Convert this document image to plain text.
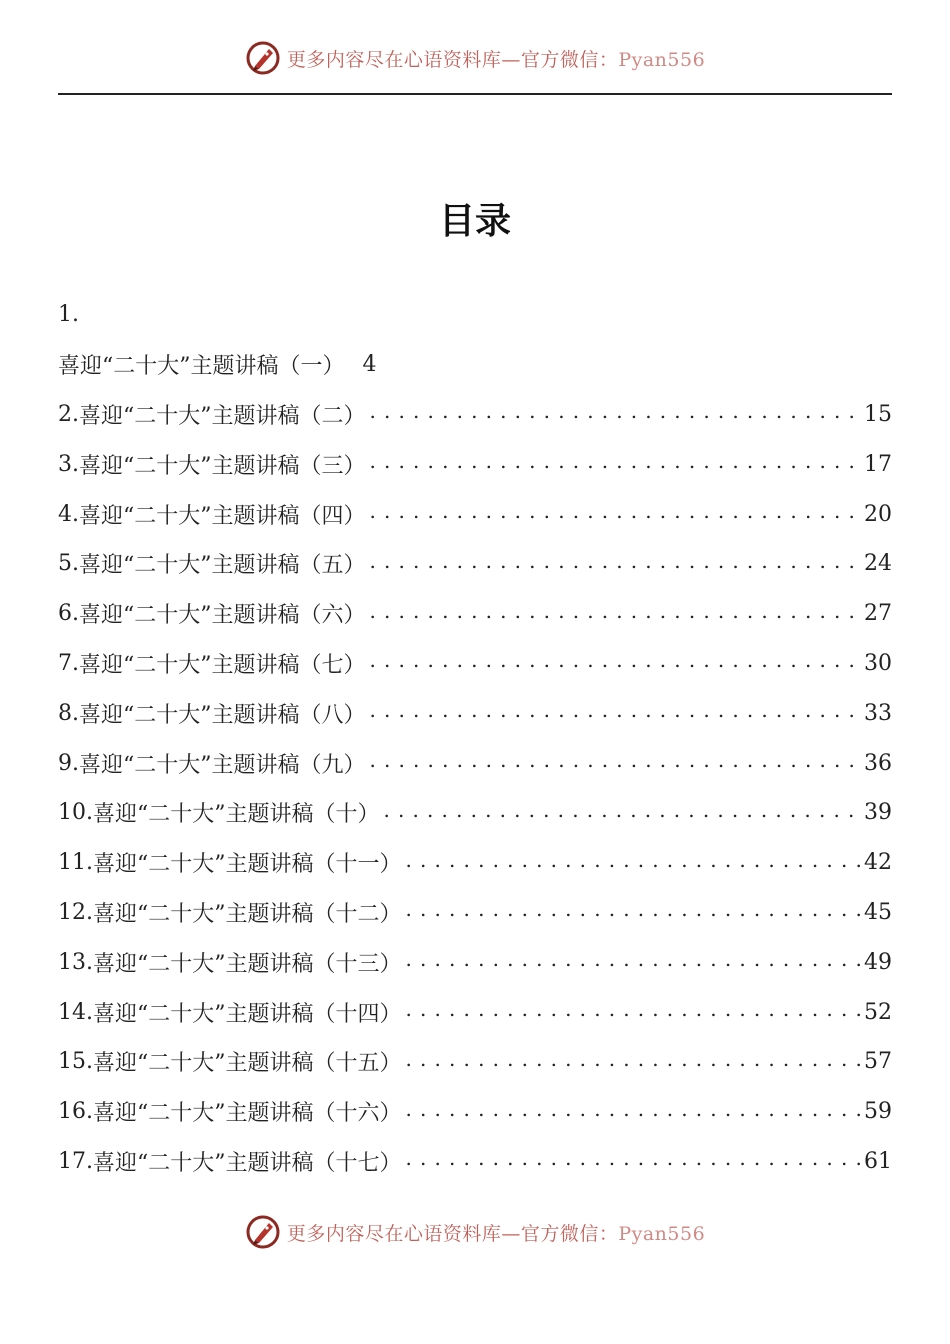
更多内容尽在心语资料库—官方微信：Pyan556
目录
1.
喜迎“二十大”主题讲稿（一） 4
2. 喜迎“二十大”主题讲稿（二） . . .	15
3. 喜迎“二十大”主题讲稿（三） . . .	17
4. 喜迎“二十大”主题讲稿（四） . . .	20
5. 喜迎“二十大”主题讲稿（五） . . .	24
6. 喜迎“二十大”主题讲稿（六） . . .	27
7. 喜迎“二十大”主题讲稿（七） . . .	30
8. 喜迎“二十大”主题讲稿（八） . . .	33
9. 喜迎“二十大”主题讲稿（九） . . .	36
10. 喜迎“二十大”主题讲稿（十） . . .	39
11. 喜迎“二十大”主题讲稿（十一） . . .	42
12. 喜迎“二十大”主题讲稿（十二） . . .	45
13. 喜迎“二十大”主题讲稿（十三） . . .	49
14. 喜迎“二十大”主题讲稿（十四） . . .	52
15. 喜迎“二十大”主题讲稿（十五） . . .	57
16. 喜迎“二十大”主题讲稿（十六） . . .	59
17. 喜迎“二十大”主题讲稿（十七） . . .	61
更多内容尽在心语资料库—官方微信：Pyan556
